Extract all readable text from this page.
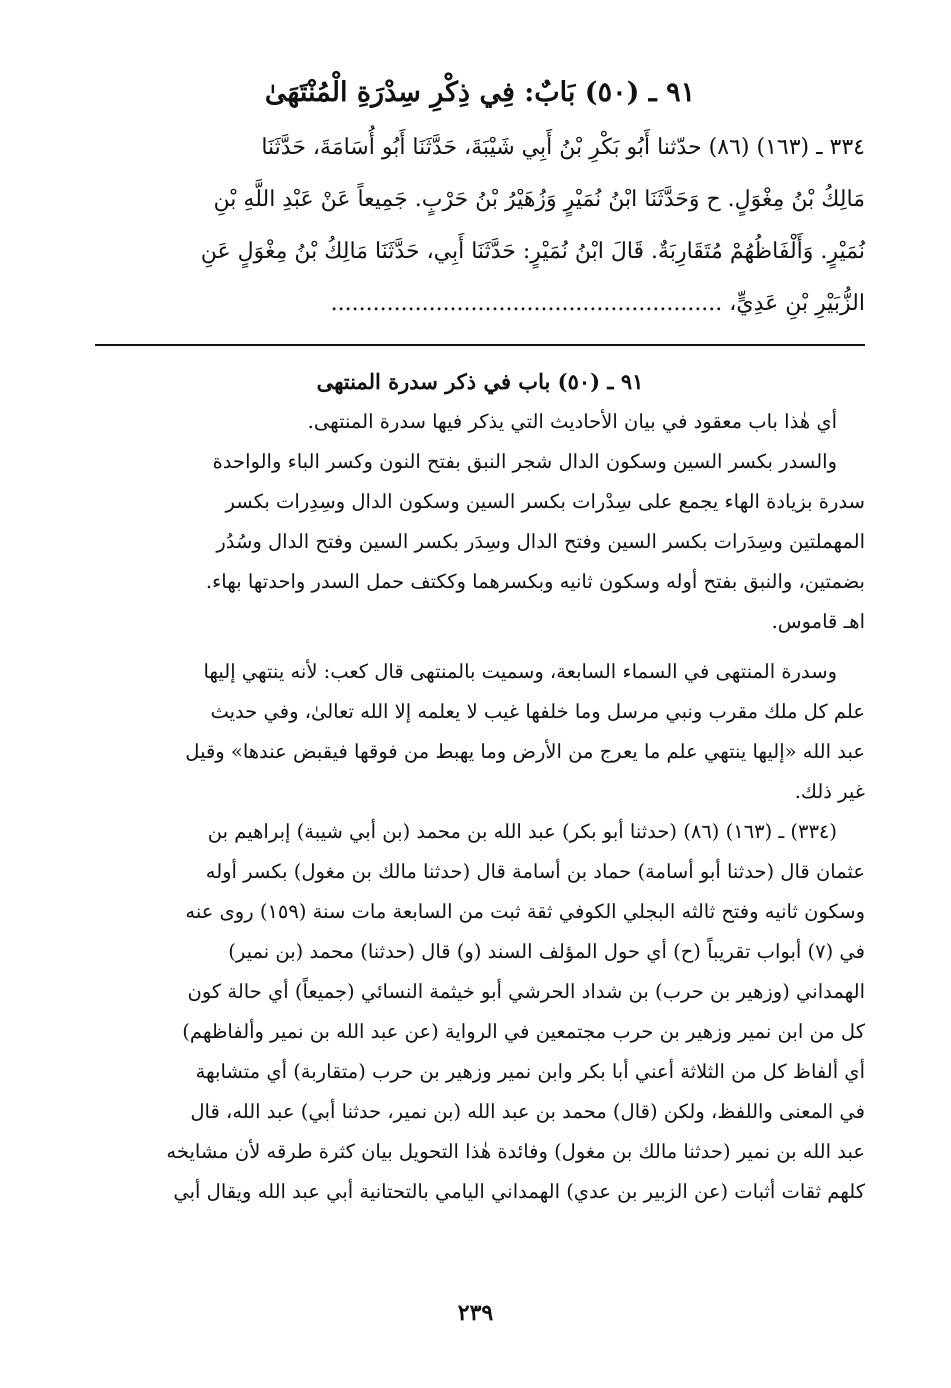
٩١ ـ (٥٠) بَابٌ: فِي ذِكْرِ سِدْرَةِ الْمُنْتَهَىٰ
٣٣٤ ـ (١٦٣) (٨٦) حدّثنا أَبُو بَكْرِ بْنُ أَبِي شَيْبَةَ، حَدَّثَنَا أَبُو أُسَامَةَ، حَدَّثَنَا
مَالِكُ بْنُ مِغْوَلٍ. ح وَحَدَّثَنَا ابْنُ نُمَيْرٍ وَزُهَيْرُ بْنُ حَرْبٍ. جَمِيعاً عَنْ عَبْدِ اللَّهِ بْنِ
نُمَيْرٍ. وَأَلْفَاظُهُمْ مُتَقَارِبَةٌ. قَالَ ابْنُ نُمَيْرٍ: حَدَّثَنَا أَبِي، حَدَّثَنَا مَالِكُ بْنُ مِغْوَلٍ عَنِ
الزُّبَيْرِ بْنِ عَدِيٍّ، ........................................................
٩١ ـ (٥٠) باب في ذكر سدرة المنتهى
أي هٰذا باب معقود في بيان الأحاديث التي يذكر فيها سدرة المنتهى.
والسدر بكسر السين وسكون الدال شجر النبق بفتح النون وكسر الباء والواحدة
سدرة بزيادة الهاء يجمع على سِدْرات بكسر السين وسكون الدال وسِدِرات بكسر
المهملتين وسِدَرات بكسر السين وفتح الدال وسِدَر بكسر السين وفتح الدال وسُدُر
بضمتين، والنبق بفتح أوله وسكون ثانيه وبكسرهما وككتف حمل السدر واحدتها بهاء.
اهـ قاموس.
وسدرة المنتهى في السماء السابعة، وسميت بالمنتهى قال كعب: لأنه ينتهي إليها
علم كل ملك مقرب ونبي مرسل وما خلفها غيب لا يعلمه إلا الله تعالىٰ، وفي حديث
عبد الله «إليها ينتهي علم ما يعرج من الأرض وما يهبط من فوقها فيقبض عندها» وقيل
غير ذلك.
(٣٣٤) ـ (١٦٣) (٨٦) (حدثنا أبو بكر) عبد الله بن محمد (بن أبي شيبة) إبراهيم بن
عثمان قال (حدثنا أبو أسامة) حماد بن أسامة قال (حدثنا مالك بن مغول) بكسر أوله
وسكون ثانيه وفتح ثالثه البجلي الكوفي ثقة ثبت من السابعة مات سنة (١٥٩) روى عنه
في (٧) أبواب تقريباً (ح) أي حول المؤلف السند (و) قال (حدثنا) محمد (بن نمير)
الهمداني (وزهير بن حرب) بن شداد الحرشي أبو خيثمة النسائي (جميعاً) أي حالة كون
كل من ابن نمير وزهير بن حرب مجتمعين في الرواية (عن عبد الله بن نمير وألفاظهم)
أي ألفاظ كل من الثلاثة أعني أبا بكر وابن نمير وزهير بن حرب (متقاربة) أي متشابهة
في المعنى واللفظ، ولكن (قال) محمد بن عبد الله (بن نمير، حدثنا أبي) عبد الله، قال
عبد الله بن نمير (حدثنا مالك بن مغول) وفائدة هٰذا التحويل بيان كثرة طرقه لأن مشايخه
كلهم ثقات أثبات (عن الزبير بن عدي) الهمداني اليامي بالتحتانية أبي عبد الله ويقال أبي
٢٣٩
